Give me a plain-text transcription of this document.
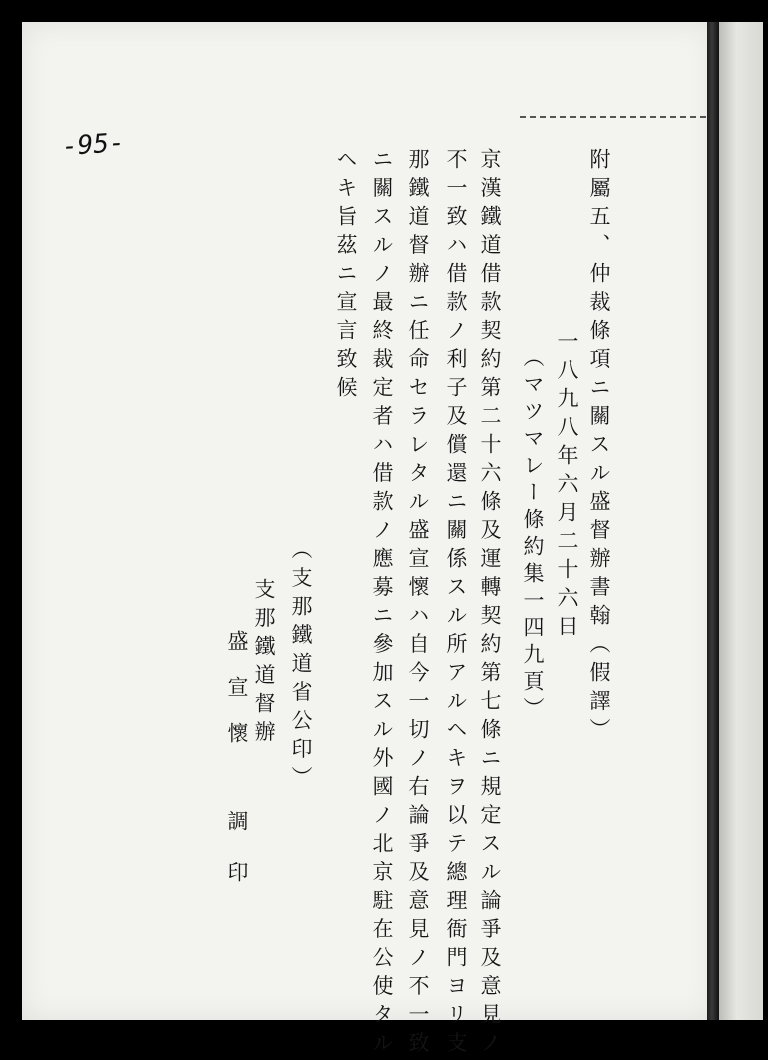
-95-
附屬五、仲裁條項ニ關スル盛督辦書翰（假譯）
一八九八年六月二十六日
（マツマレー條約集一四九頁）
京漢鐵道借款契約第二十六條及運轉契約第七條ニ規定スル論爭及意見ノ
不一致ハ借款ノ利子及償還ニ關係スル所アルヘキヲ以テ總理衙門ヨリ支
那鐵道督辦ニ任命セラレタル盛宣懷ハ自今一切ノ右論爭及意見ノ不一致
ニ關スルノ最終裁定者ハ借款ノ應募ニ參加スル外國ノ北京駐在公使タル
ヘキ旨茲ニ宣言致候
（支那鐵道省公印）
支那鐵道督辦
盛宣懷
調印
